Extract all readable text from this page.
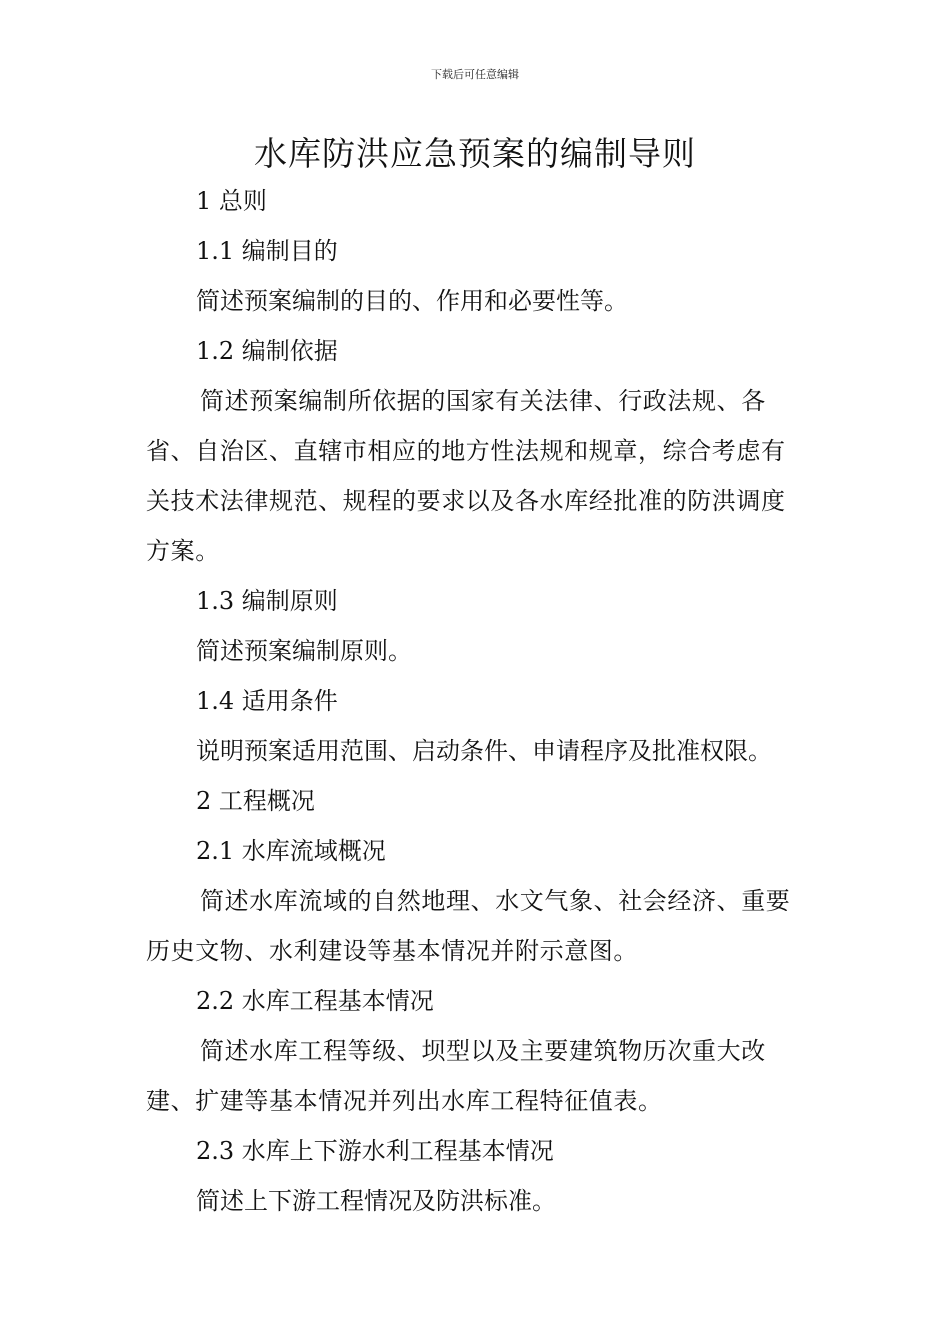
下载后可任意编辑
水库防洪应急预案的编制导则
1 总则
1.1 编制目的
简述预案编制的目的、作用和必要性等。
1.2 编制依据

简述预案编制所依据的国家有关法律、行政法规、各省、自治区、直辖市相应的地方性法规和规章，综合考虑有关技术法律规范、规程的要求以及各水库经批准的防洪调度方案。

1.3 编制原则
简述预案编制原则。
1.4 适用条件
说明预案适用范围、启动条件、申请程序及批准权限。
2 工程概况
2.1 水库流域概况

简述水库流域的自然地理、水文气象、社会经济、重要历史文物、水利建设等基本情况并附示意图。

2.2 水库工程基本情况

简述水库工程等级、坝型以及主要建筑物历次重大改建、扩建等基本情况并列出水库工程特征值表。

2.3 水库上下游水利工程基本情况
简述上下游工程情况及防洪标准。
